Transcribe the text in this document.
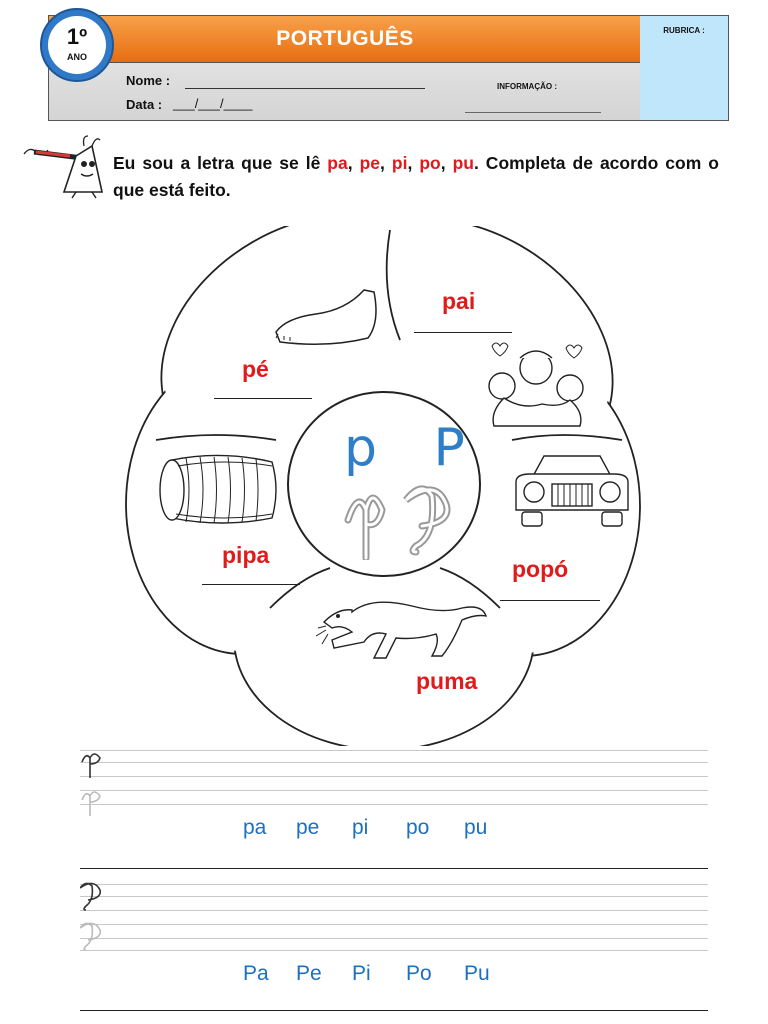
PORTUGUÊS
Nome :
Data : ___/___/____
INFORMAÇÃO :
RUBRICA :
1º
ANO
Eu sou a letra que se lê pa, pe, pi, po, pu. Completa de acordo com o que está feito.
p P
pai
pé
pipa
popó
puma
pa pe pi po pu
Pa Pe Pi Po Pu
